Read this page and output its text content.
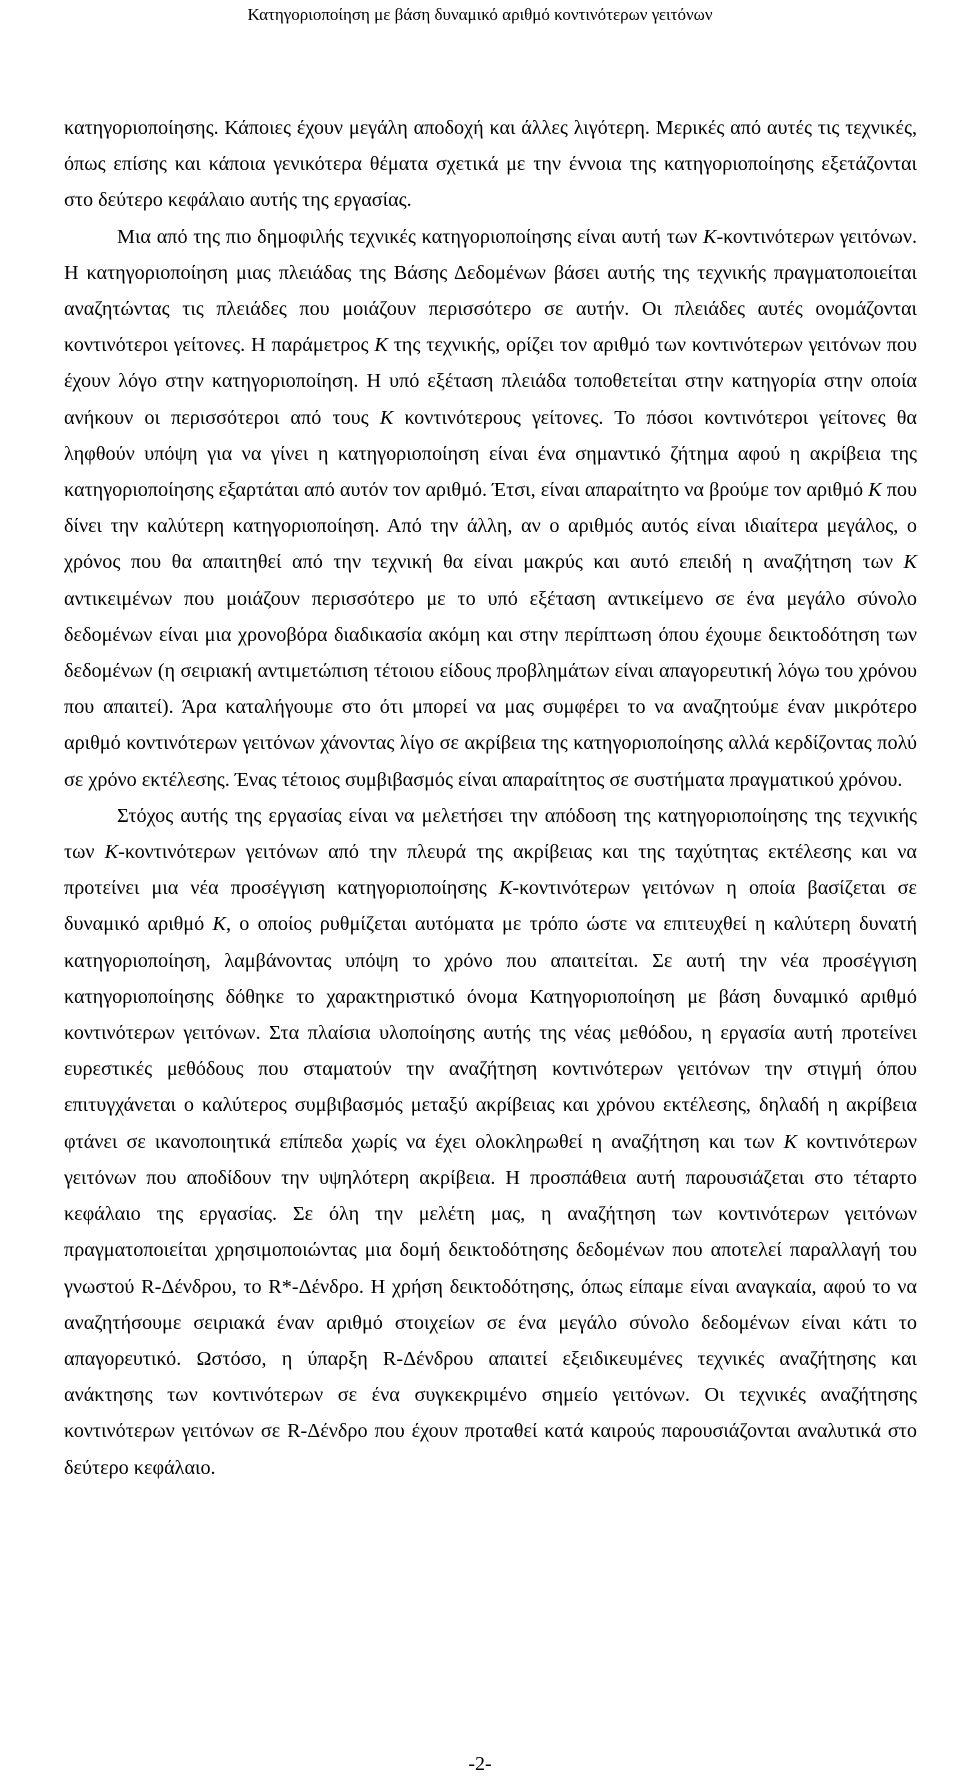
Κατηγοριοποίηση με βάση δυναμικό αριθμό κοντινότερων γειτόνων

κατηγοριοποίησης. Κάποιες έχουν μεγάλη αποδοχή και άλλες λιγότερη. Μερικές από αυτές τις τεχνικές, όπως επίσης και κάποια γενικότερα θέματα σχετικά με την έννοια της κατηγοριοποίησης εξετάζονται στο δεύτερο κεφάλαιο αυτής της εργασίας.

Μια από της πιο δημοφιλής τεχνικές κατηγοριοποίησης είναι αυτή των K-κοντινότερων γειτόνων. Η κατηγοριοποίηση μιας πλειάδας της Βάσης Δεδομένων βάσει αυτής της τεχνικής πραγματοποιείται αναζητώντας τις πλειάδες που μοιάζουν περισσότερο σε αυτήν. Οι πλειάδες αυτές ονομάζονται κοντινότεροι γείτονες. Η παράμετρος K της τεχνικής, ορίζει τον αριθμό των κοντινότερων γειτόνων που έχουν λόγο στην κατηγοριοποίηση. Η υπό εξέταση πλειάδα τοποθετείται στην κατηγορία στην οποία ανήκουν οι περισσότεροι από τους K κοντινότερους γείτονες. Το πόσοι κοντινότεροι γείτονες θα ληφθούν υπόψη για να γίνει η κατηγοριοποίηση είναι ένα σημαντικό ζήτημα αφού η ακρίβεια της κατηγοριοποίησης εξαρτάται από αυτόν τον αριθμό. Έτσι, είναι απαραίτητο να βρούμε τον αριθμό K που δίνει την καλύτερη κατηγοριοποίηση. Από την άλλη, αν ο αριθμός αυτός είναι ιδιαίτερα μεγάλος, ο χρόνος που θα απαιτηθεί από την τεχνική θα είναι μακρύς και αυτό επειδή η αναζήτηση των K αντικειμένων που μοιάζουν περισσότερο με το υπό εξέταση αντικείμενο σε ένα μεγάλο σύνολο δεδομένων είναι μια χρονοβόρα διαδικασία ακόμη και στην περίπτωση όπου έχουμε δεικτοδότηση των δεδομένων (η σειριακή αντιμετώπιση τέτοιου είδους προβλημάτων είναι απαγορευτική λόγω του χρόνου που απαιτεί). Άρα καταλήγουμε στο ότι μπορεί να μας συμφέρει το να αναζητούμε έναν μικρότερο αριθμό κοντινότερων γειτόνων χάνοντας λίγο σε ακρίβεια της κατηγοριοποίησης αλλά κερδίζοντας πολύ σε χρόνο εκτέλεσης. Ένας τέτοιος συμβιβασμός είναι απαραίτητος σε συστήματα πραγματικού χρόνου.

Στόχος αυτής της εργασίας είναι να μελετήσει την απόδοση της κατηγοριοποίησης της τεχνικής των K-κοντινότερων γειτόνων από την πλευρά της ακρίβειας και της ταχύτητας εκτέλεσης και να προτείνει μια νέα προσέγγιση κατηγοριοποίησης K-κοντινότερων γειτόνων η οποία βασίζεται σε δυναμικό αριθμό K, ο οποίος ρυθμίζεται αυτόματα με τρόπο ώστε να επιτευχθεί η καλύτερη δυνατή κατηγοριοποίηση, λαμβάνοντας υπόψη το χρόνο που απαιτείται. Σε αυτή την νέα προσέγγιση κατηγοριοποίησης δόθηκε το χαρακτηριστικό όνομα Κατηγοριοποίηση με βάση δυναμικό αριθμό κοντινότερων γειτόνων. Στα πλαίσια υλοποίησης αυτής της νέας μεθόδου, η εργασία αυτή προτείνει ευρεστικές μεθόδους που σταματούν την αναζήτηση κοντινότερων γειτόνων την στιγμή όπου επιτυγχάνεται ο καλύτερος συμβιβασμός μεταξύ ακρίβειας και χρόνου εκτέλεσης, δηλαδή η ακρίβεια φτάνει σε ικανοποιητικά επίπεδα χωρίς να έχει ολοκληρωθεί η αναζήτηση και των K κοντινότερων γειτόνων που αποδίδουν την υψηλότερη ακρίβεια. Η προσπάθεια αυτή παρουσιάζεται στο τέταρτο κεφάλαιο της εργασίας. Σε όλη την μελέτη μας, η αναζήτηση των κοντινότερων γειτόνων πραγματοποιείται χρησιμοποιώντας μια δομή δεικτοδότησης δεδομένων που αποτελεί παραλλαγή του γνωστού R-Δένδρου, το R*-Δένδρο. Η χρήση δεικτοδότησης, όπως είπαμε είναι αναγκαία, αφού το να αναζητήσουμε σειριακά έναν αριθμό στοιχείων σε ένα μεγάλο σύνολο δεδομένων είναι κάτι το απαγορευτικό. Ωστόσο, η ύπαρξη R-Δένδρου απαιτεί εξειδικευμένες τεχνικές αναζήτησης και ανάκτησης των κοντινότερων σε ένα συγκεκριμένο σημείο γειτόνων. Οι τεχνικές αναζήτησης κοντινότερων γειτόνων σε R-Δένδρο που έχουν προταθεί κατά καιρούς παρουσιάζονται αναλυτικά στο δεύτερο κεφάλαιο.

-2-
